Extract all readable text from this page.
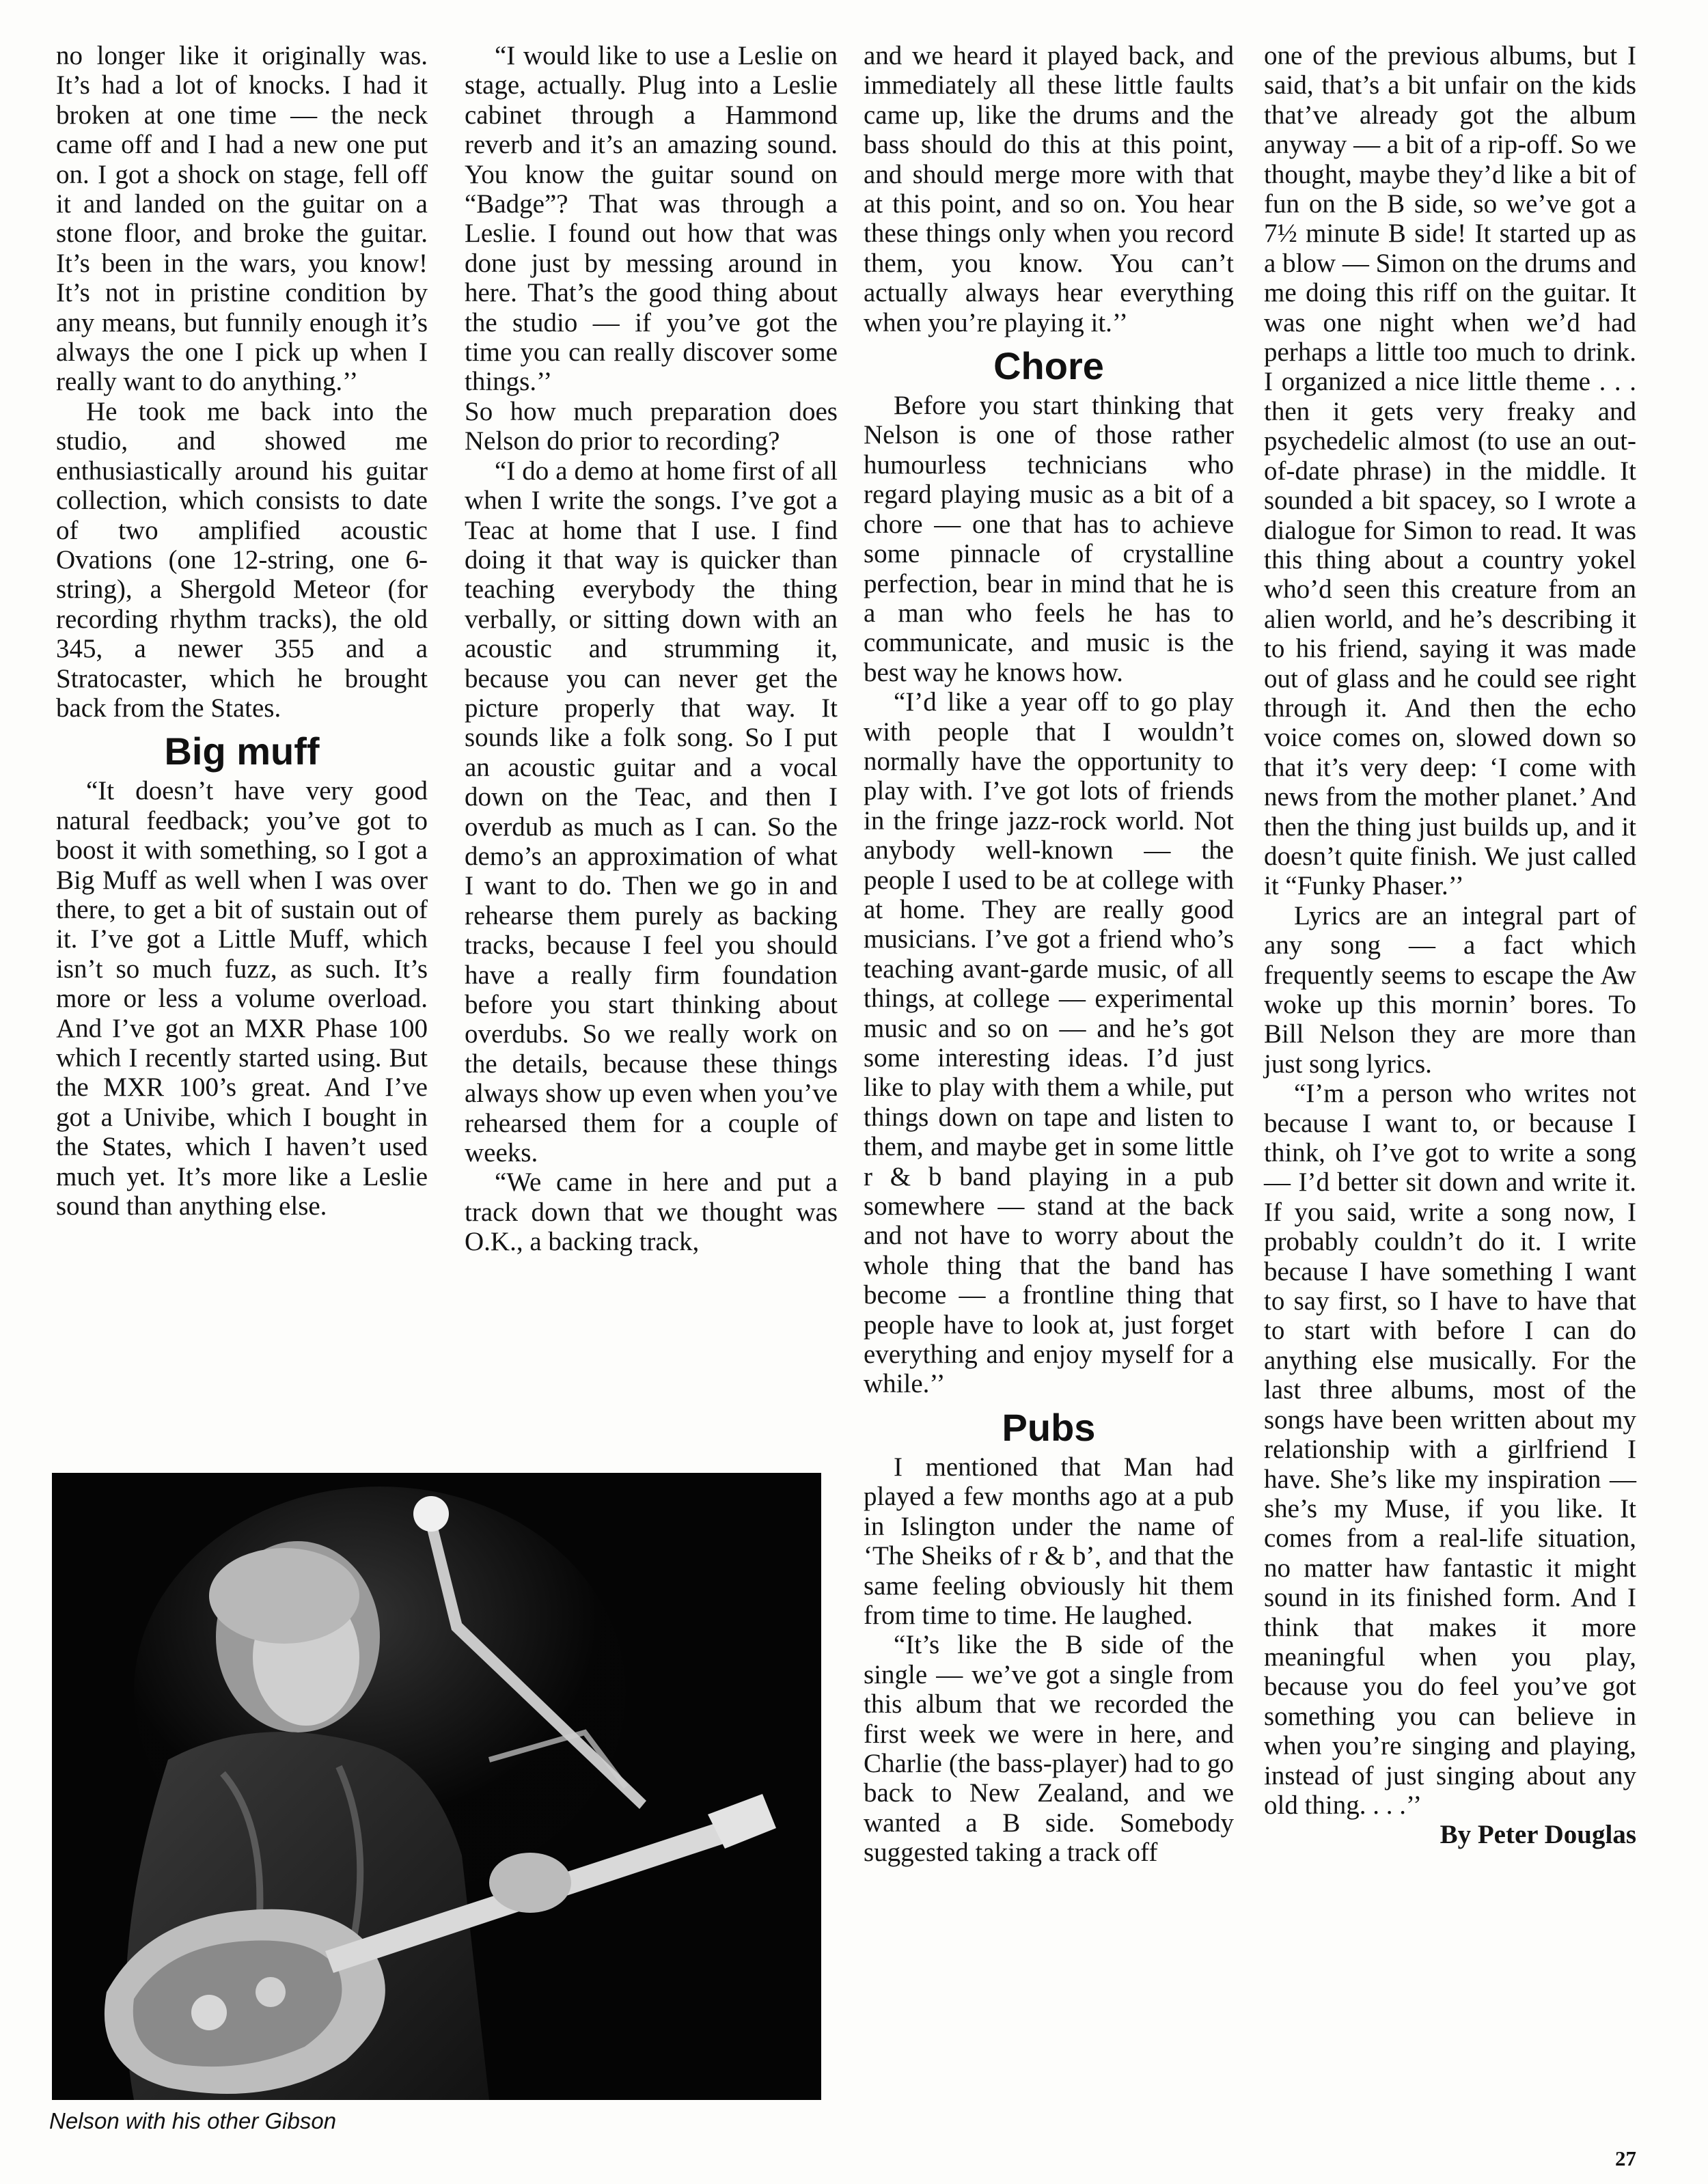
no longer like it originally was. It’s had a lot of knocks. I had it broken at one time — the neck came off and I had a new one put on. I got a shock on stage, fell off it and landed on the guitar on a stone floor, and broke the guitar. It’s been in the wars, you know! It’s not in pristine condition by any means, but funnily enough it’s always the one I pick up when I really want to do anything.’’

He took me back into the studio, and showed me enthusiastically around his guitar collection, which consists to date of two amplified acoustic Ovations (one 12-string, one 6-string), a Shergold Meteor (for recording rhythm tracks), the old 345, a newer 355 and a Stratocaster, which he brought back from the States.

Big muff

“It doesn’t have very good natural feedback; you’ve got to boost it with something, so I got a Big Muff as well when I was over there, to get a bit of sustain out of it. I’ve got a Little Muff, which isn’t so much fuzz, as such. It’s more or less a volume overload. And I’ve got an MXR Phase 100 which I recently started using. But the MXR 100’s great. And I’ve got a Univibe, which I bought in the States, which I haven’t used much yet. It’s more like a Leslie sound than anything else.

“I would like to use a Leslie on stage, actually. Plug into a Leslie cabinet through a Hammond reverb and it’s an amazing sound. You know the guitar sound on “Badge”? That was through a Leslie. I found out how that was done just by messing around in here. That’s the good thing about the studio — if you’ve got the time you can really discover some things.’’

So how much preparation does Nelson do prior to recording?

“I do a demo at home first of all when I write the songs. I’ve got a Teac at home that I use. I find doing it that way is quicker than teaching everybody the thing verbally, or sitting down with an acoustic and strumming it, because you can never get the picture properly that way. It sounds like a folk song. So I put an acoustic guitar and a vocal down on the Teac, and then I overdub as much as I can. So the demo’s an approximation of what I want to do. Then we go in and rehearse them purely as backing tracks, because I feel you should have a really firm foundation before you start thinking about overdubs. So we really work on the details, because these things always show up even when you’ve rehearsed them for a couple of weeks.

“We came in here and put a track down that we thought was O.K., a backing track,

and we heard it played back, and immediately all these little faults came up, like the drums and the bass should do this at this point, and should merge more with that at this point, and so on. You hear these things only when you record them, you know. You can’t actually always hear everything when you’re playing it.’’

Chore

Before you start thinking that Nelson is one of those rather humourless technicians who regard playing music as a bit of a chore — one that has to achieve some pinnacle of crystalline perfection, bear in mind that he is a man who feels he has to communicate, and music is the best way he knows how.

“I’d like a year off to go play with people that I wouldn’t normally have the opportunity to play with. I’ve got lots of friends in the fringe jazz-rock world. Not anybody well-known — the people I used to be at college with at home. They are really good musicians. I’ve got a friend who’s teaching avant-garde music, of all things, at college — experimental music and so on — and he’s got some interesting ideas. I’d just like to play with them a while, put things down on tape and listen to them, and maybe get in some little r & b band playing in a pub somewhere — stand at the back and not have to worry about the whole thing that the band has become — a frontline thing that people have to look at, just forget everything and enjoy myself for a while.’’

Pubs

I mentioned that Man had played a few months ago at a pub in Islington under the name of ‘The Sheiks of r & b’, and that the same feeling obviously hit them from time to time. He laughed.

“It’s like the B side of the single — we’ve got a single from this album that we recorded the first week we were in here, and Charlie (the bass-player) had to go back to New Zealand, and we wanted a B side. Somebody suggested taking a track off

one of the previous albums, but I said, that’s a bit unfair on the kids that’ve already got the album anyway — a bit of a rip-off. So we thought, maybe they’d like a bit of fun on the B side, so we’ve got a 7½ minute B side! It started up as a blow — Simon on the drums and me doing this riff on the guitar. It was one night when we’d had perhaps a little too much to drink. I organized a nice little theme . . . then it gets very freaky and psychedelic almost (to use an out-of-date phrase) in the middle. It sounded a bit spacey, so I wrote a dialogue for Simon to read. It was this thing about a country yokel who’d seen this creature from an alien world, and he’s describing it to his friend, saying it was made out of glass and he could see right through it. And then the echo voice comes on, slowed down so that it’s very deep: ‘I come with news from the mother planet.’ And then the thing just builds up, and it doesn’t quite finish. We just called it “Funky Phaser.’’

Lyrics are an integral part of any song — a fact which frequently seems to escape the Aw woke up this mornin’ bores. To Bill Nelson they are more than just song lyrics.

“I’m a person who writes not because I want to, or because I think, oh I’ve got to write a song — I’d better sit down and write it. If you said, write a song now, I probably couldn’t do it. I write because I have something I want to say first, so I have to have that to start with before I can do anything else musically. For the last three albums, most of the songs have been written about my relationship with a girlfriend I have. She’s like my inspiration — she’s my Muse, if you like. It comes from a real-life situation, no matter haw fantastic it might sound in its finished form. And I think that makes it more meaningful when you play, because you do feel you’ve got something you can believe in when you’re singing and playing, instead of just singing about any old thing. . . .’’

By Peter Douglas

Nelson with his other Gibson
27
